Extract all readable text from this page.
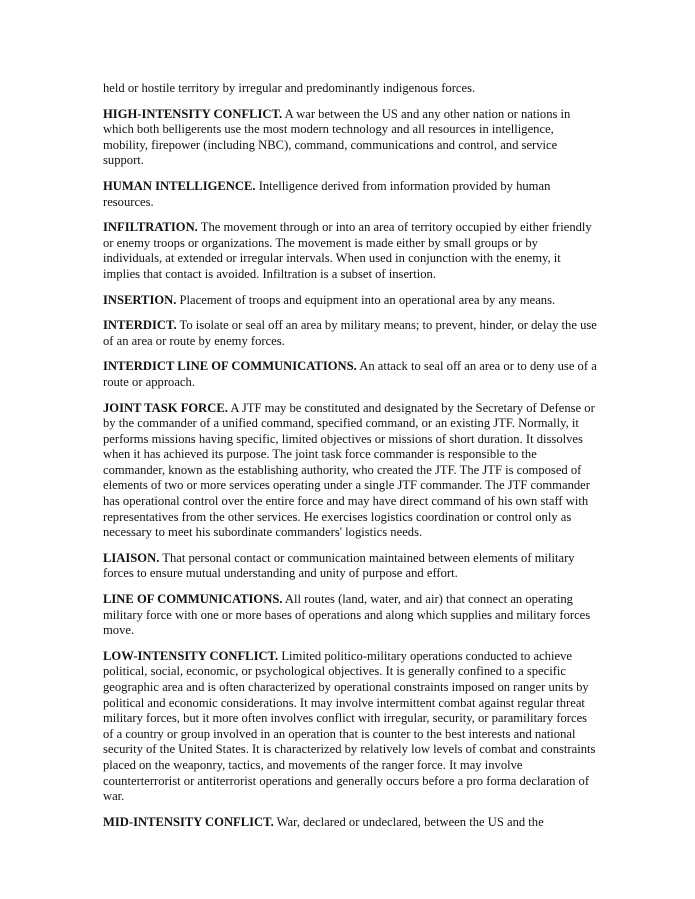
held or hostile territory by irregular and predominantly indigenous forces.

HIGH-INTENSITY CONFLICT. A war between the US and any other nation or nations in which both belligerents use the most modern technology and all resources in intelligence, mobility, firepower (including NBC), command, communications and control, and service support.

HUMAN INTELLIGENCE. Intelligence derived from information provided by human resources.

INFILTRATION. The movement through or into an area of territory occupied by either friendly or enemy troops or organizations. The movement is made either by small groups or by individuals, at extended or irregular intervals. When used in conjunction with the enemy, it implies that contact is avoided. Infiltration is a subset of insertion.

INSERTION. Placement of troops and equipment into an operational area by any means.

INTERDICT. To isolate or seal off an area by military means; to prevent, hinder, or delay the use of an area or route by enemy forces.

INTERDICT LINE OF COMMUNICATIONS. An attack to seal off an area or to deny use of a route or approach.

JOINT TASK FORCE. A JTF may be constituted and designated by the Secretary of Defense or by the commander of a unified command, specified command, or an existing JTF. Normally, it performs missions having specific, limited objectives or missions of short duration. It dissolves when it has achieved its purpose. The joint task force commander is responsible to the commander, known as the establishing authority, who created the JTF. The JTF is composed of elements of two or more services operating under a single JTF commander. The JTF commander has operational control over the entire force and may have direct command of his own staff with representatives from the other services. He exercises logistics coordination or control only as necessary to meet his subordinate commanders' logistics needs.

LIAISON. That personal contact or communication maintained between elements of military forces to ensure mutual understanding and unity of purpose and effort.

LINE OF COMMUNICATIONS. All routes (land, water, and air) that connect an operating military force with one or more bases of operations and along which supplies and military forces move.

LOW-INTENSITY CONFLICT. Limited politico-military operations conducted to achieve political, social, economic, or psychological objectives. It is generally confined to a specific geographic area and is often characterized by operational constraints imposed on ranger units by political and economic considerations. It may involve intermittent combat against regular threat military forces, but it more often involves conflict with irregular, security, or paramilitary forces of a country or group involved in an operation that is counter to the best interests and national security of the United States. It is characterized by relatively low levels of combat and constraints placed on the weaponry, tactics, and movements of the ranger force. It may involve counterterrorist or antiterrorist operations and generally occurs before a pro forma declaration of war.

MID-INTENSITY CONFLICT. War, declared or undeclared, between the US and the
